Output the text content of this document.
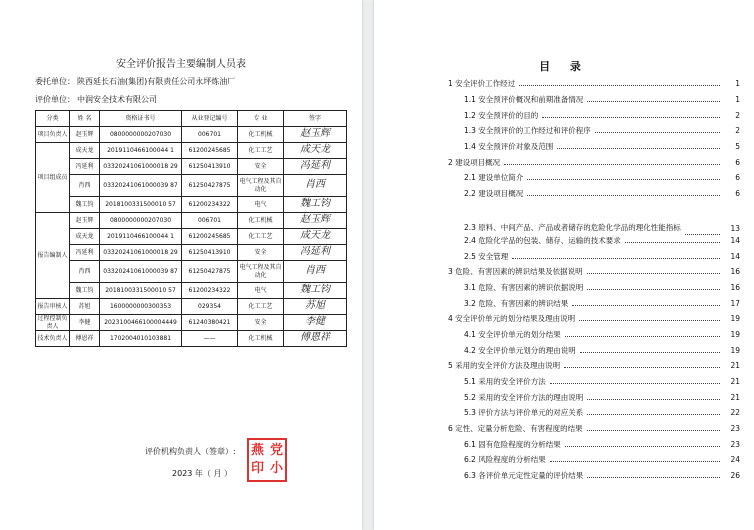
安全评价报告主要编制人员表
委托单位： 陕西延长石油(集团)有限责任公司永坪炼油厂
评价单位： 中润安全技术有限公司
分类	姓 名	资格证书号	从业登记编号	专 业	签字
项目负责人	赵玉辉	0800000000207030	006701	化工机械	赵玉辉
项目组成员	成天龙	2019110466100044 1	61200245685	化工工艺	成天龙
	冯延利	03320241061000018 29	61250413910	安全	冯延利
	肖西	03320241061000039 87	61250427875	电气工程及其自动化	肖西
	魏工钧	2018100331500010 57	61200234322	电气	魏工钧
报告编制人	赵玉辉	0800000000207030	006701	化工机械	赵玉辉
	成天龙	2019110466100044 1	61200245685	化工工艺	成天龙
	冯延利	03320241061000018 29	61250413910	安全	冯延利
	肖西	03320241061000039 87	61250427875	电气工程及其自动化	肖西
	魏工钧	2018100331500010 57	61200234322	电气	魏工钧
报告审核人	苏旭	1600000000300353	029354	化工工艺	苏旭
过程控制负责人	李健	2023100466100004449	61240380421	安全	李健
技术负责人	傅恩祥	1702004010103881	——	化工机械	傅恩祥
评价机构负责人（签章）:
2023 年（ 月 ）
燕 党
印 小
目 录
1 安全评价工作经过	1
1.1 安全预评价概况和前期准备情况	1
1.2 安全预评价的目的	2
1.3 安全预评价的工作经过和评价程序	2
1.4 安全预评价对象及范围	5
2 建设项目概况	6
2.1 建设单位简介	6
2.2 建设项目概况	6
2.3 原料、中间产品、产品或者储存的危险化学品的理化性能指标	13
2.4 危险化学品的包装、储存、运输的技术要求	14
2.5 安全管理	14
3 危险、有害因素的辨识结果及依据说明	16
3.1 危险、有害因素的辨识依据说明	16
3.2 危险、有害因素的辨识结果	17
4 安全评价单元的划分结果及理由说明	19
4.1 安全评价单元的划分结果	19
4.2 安全评价单元划分的理由说明	19
5 采用的安全评价方法及理由说明	21
5.1 采用的安全评价方法	21
5.2 采用的安全评价方法的理由说明	21
5.3 评价方法与评价单元的对应关系	22
6 定性、定量分析危险、有害程度的结果	23
6.1 固有危险程度的分析结果	23
6.2 风险程度的分析结果	24
6.3 各评价单元定性定量的评价结果	26
